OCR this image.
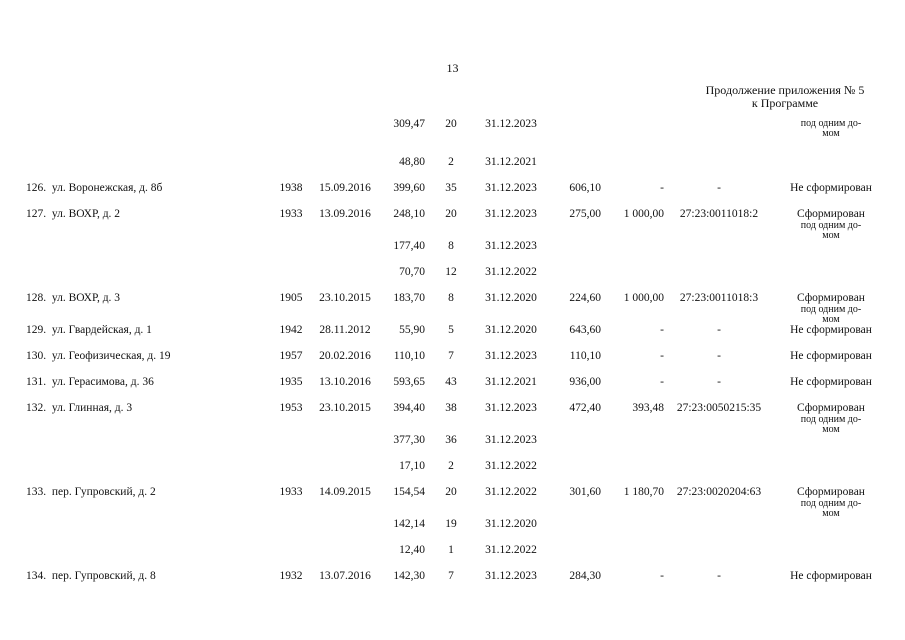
13
Продолжение приложения № 5
к Программе
			309,47	20	31.12.2023				под одним до-
мом

			48,80	2	31.12.2021				
126. ул. Воронежская, д. 8б	1938	15.09.2016	399,60	35	31.12.2023	606,10	-	-	Не сформирован

127. ул. ВОХР, д. 2	1933	13.09.2016	248,10	20	31.12.2023	275,00	1 000,00	27:23:0011018:2	Сформирован
под одним до-
мом

			177,40	8	31.12.2023				
			70,70	12	31.12.2022				
128. ул. ВОХР, д. 3	1905	23.10.2015	183,70	8	31.12.2020	224,60	1 000,00	27:23:0011018:3	Сформирован
под одним до-
мом

129. ул. Гвардейская, д. 1	1942	28.11.2012	55,90	5	31.12.2020	643,60	-	-	Не сформирован

130. ул. Геофизическая, д. 19	1957	20.02.2016	110,10	7	31.12.2023	110,10	-	-	Не сформирован

131. ул. Герасимова, д. 36	1935	13.10.2016	593,65	43	31.12.2021	936,00	-	-	Не сформирован

132. ул. Глинная, д. 3	1953	23.10.2015	394,40	38	31.12.2023	472,40	393,48	27:23:0050215:35	Сформирован
под одним до-
мом

			377,30	36	31.12.2023				
			17,10	2	31.12.2022				
133. пер. Гупровский, д. 2	1933	14.09.2015	154,54	20	31.12.2022	301,60	1 180,70	27:23:0020204:63	Сформирован
под одним до-
мом

			142,14	19	31.12.2020				
			12,40	1	31.12.2022				
134. пер. Гупровский, д. 8	1932	13.07.2016	142,30	7	31.12.2023	284,30	-	-	Не сформирован
